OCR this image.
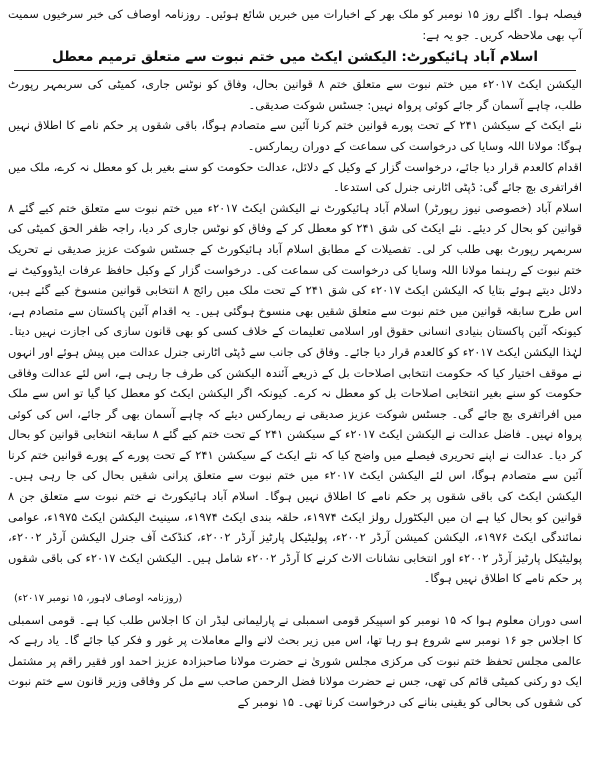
فیصلہ ہوا۔ اگلے روز ۱۵ نومبر کو ملک بھر کے اخبارات میں خبریں شائع ہوئیں۔ روزنامہ اوصاف کی خبر سرخیوں سمیت آپ بھی ملاحظہ کریں۔ جو یہ ہے:

اسلام آباد ہائیکورٹ: الیکشن ایکٹ میں ختم نبوت سے متعلق ترمیم معطل

الیکشن ایکٹ ۲۰۱۷ء میں ختم نبوت سے متعلق ختم ۸ قوانین بحال، وفاق کو نوٹس جاری، کمیٹی کی سربمہر رپورٹ طلب، چاہے آسمان گر جائے کوئی پرواہ نہیں: جسٹس شوکت صدیقی۔

نئے ایکٹ کے سیکشن ۲۴۱ کے تحت پورے قوانین ختم کرنا آئین سے متصادم ہوگا، باقی شقوں پر حکم نامے کا اطلاق نہیں ہوگا: مولانا اللہ وسایا کی درخواست کی سماعت کے دوران ریمارکس۔

اقدام کالعدم قرار دیا جائے، درخواست گزار کے وکیل کے دلائل، عدالت حکومت کو سنے بغیر بل کو معطل نہ کرے، ملک میں افراتفری بچ جائے گی: ڈپٹی اٹارنی جنرل کی استدعا۔

اسلام آباد (خصوصی نیوز رپورٹر) اسلام آباد ہائیکورٹ نے الیکشن ایکٹ ۲۰۱۷ء میں ختم نبوت سے متعلق ختم کیے گئے ۸ قوانین کو بحال کر دیئے۔ نئے ایکٹ کی شق ۲۴۱ کو معطل کر کے وفاق کو نوٹس جاری کر دیا، راجہ ظفر الحق کمیٹی کی سربمہر رپورٹ بھی طلب کر لی۔ تفصیلات کے مطابق اسلام آباد ہائیکورٹ کے جسٹس شوکت عزیز صدیقی نے تحریک ختم نبوت کے رہنما مولانا اللہ وسایا کی درخواست کی سماعت کی۔ درخواست گزار کے وکیل حافظ عرفات ایڈووکیٹ نے دلائل دیتے ہوئے بتایا کہ الیکشن ایکٹ ۲۰۱۷ء کی شق ۲۴۱ کے تحت ملک میں رائج ۸ انتخابی قوانین منسوخ کیے گئے ہیں، اس طرح سابقہ قوانین میں ختم نبوت سے متعلق شقیں بھی منسوخ ہوگئی ہیں۔ یہ اقدام آئین پاکستان سے متصادم ہے، کیونکہ آئین پاکستان بنیادی انسانی حقوق اور اسلامی تعلیمات کے خلاف کسی کو بھی قانون سازی کی اجازت نہیں دیتا۔ لہٰذا الیکشن ایکٹ ۲۰۱۷ء کو کالعدم قرار دیا جائے۔ وفاق کی جانب سے ڈپٹی اٹارنی جنرل عدالت میں پیش ہوئے اور انہوں نے موقف اختیار کیا کہ حکومت انتخابی اصلاحات بل کے ذریعے آئندہ الیکشن کی طرف جا رہی ہے، اس لئے عدالت وفاقی حکومت کو سنے بغیر انتخابی اصلاحات بل کو معطل نہ کرے۔ کیونکہ اگر الیکشن ایکٹ کو معطل کیا گیا تو اس سے ملک میں افراتفری بچ جائے گی۔ جسٹس شوکت عزیز صدیقی نے ریمارکس دیئے کہ چاہے آسمان بھی گر جائے، اس کی کوئی پرواہ نہیں۔ فاضل عدالت نے الیکشن ایکٹ ۲۰۱۷ء کے سیکشن ۲۴۱ کے تحت ختم کیے گئے ۸ سابقہ انتخابی قوانین کو بحال کر دیا۔ عدالت نے اپنے تحریری فیصلے میں واضح کیا کہ نئے ایکٹ کے سیکشن ۲۴۱ کے تحت پورے کے پورے قوانین ختم کرنا آئین سے متصادم ہوگا، اس لئے الیکشن ایکٹ ۲۰۱۷ء میں ختم نبوت سے متعلق پرانی شقیں بحال کی جا رہی ہیں۔ الیکشن ایکٹ کی باقی شقوں پر حکم نامے کا اطلاق نہیں ہوگا۔ اسلام آباد ہائیکورٹ نے ختم نبوت سے متعلق جن ۸ قوانین کو بحال کیا ہے ان میں الیکٹورل رولز ایکٹ ۱۹۷۴ء، حلقہ بندی ایکٹ ۱۹۷۴ء، سینیٹ الیکشن ایکٹ ۱۹۷۵ء، عوامی نمائندگی ایکٹ ۱۹۷۶ء، الیکشن کمیشن آرڈر ۲۰۰۲ء، پولیٹیکل پارٹیز آرڈر ۲۰۰۲ء، کنڈکٹ آف جنرل الیکشن آرڈر ۲۰۰۲ء، پولیٹیکل پارٹیز آرڈر ۲۰۰۲ء اور انتخابی نشانات الاٹ کرنے کا آرڈر ۲۰۰۲ء شامل ہیں۔ الیکشن ایکٹ ۲۰۱۷ء کی باقی شقوں پر حکم نامے کا اطلاق نہیں ہوگا۔

(روزنامہ اوصاف لاہور، ۱۵ نومبر ۲۰۱۷ء)

اسی دوران معلوم ہوا کہ ۱۵ نومبر کو اسپیکر قومی اسمبلی نے پارلیمانی لیڈر ان کا اجلاس طلب کیا ہے۔ قومی اسمبلی کا اجلاس جو ۱۶ نومبر سے شروع ہو رہا تھا، اس میں زیر بحث لانے والے معاملات پر غور و فکر کیا جائے گا۔ یاد رہے کہ عالمی مجلس تحفظ ختم نبوت کی مرکزی مجلس شوریٰ نے حضرت مولانا صاحبزادہ عزیز احمد اور فقیر راقم پر مشتمل ایک دو رکنی کمیٹی قائم کی تھی، جس نے حضرت مولانا فضل الرحمن صاحب سے مل کر وفاقی وزیر قانون سے ختم نبوت کی شقوں کی بحالی کو یقینی بنانے کی درخواست کرنا تھی۔ ۱۵ نومبر کے
